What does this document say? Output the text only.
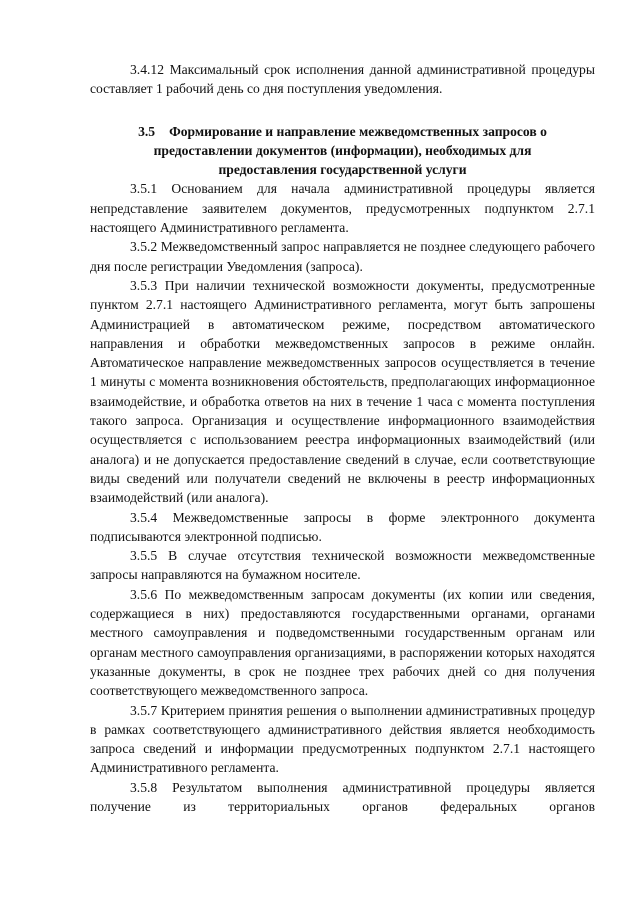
3.4.12 Максимальный срок исполнения данной административной процедуры составляет 1 рабочий день со дня поступления уведомления.

3.5 Формирование и направление межведомственных запросов о предоставлении документов (информации), необходимых для предоставления государственной услуги

3.5.1 Основанием для начала административной процедуры является непредставление заявителем документов, предусмотренных подпунктом 2.7.1 настоящего Административного регламента.

3.5.2 Межведомственный запрос направляется не позднее следующего рабочего дня после регистрации Уведомления (запроса).

3.5.3 При наличии технической возможности документы, предусмотренные пунктом 2.7.1 настоящего Административного регламента, могут быть запрошены Администрацией в автоматическом режиме, посредством автоматического направления и обработки межведомственных запросов в режиме онлайн. Автоматическое направление межведомственных запросов осуществляется в течение 1 минуты с момента возникновения обстоятельств, предполагающих информационное взаимодействие, и обработка ответов на них в течение 1 часа с момента поступления такого запроса. Организация и осуществление информационного взаимодействия осуществляется с использованием реестра информационных взаимодействий (или аналога) и не допускается предоставление сведений в случае, если соответствующие виды сведений или получатели сведений не включены в реестр информационных взаимодействий (или аналога).

3.5.4 Межведомственные запросы в форме электронного документа подписываются электронной подписью.

3.5.5 В случае отсутствия технической возможности межведомственные запросы направляются на бумажном носителе.

3.5.6 По межведомственным запросам документы (их копии или сведения, содержащиеся в них) предоставляются государственными органами, органами местного самоуправления и подведомственными государственным органам или органам местного самоуправления организациями, в распоряжении которых находятся указанные документы, в срок не позднее трех рабочих дней со дня получения соответствующего межведомственного запроса.

3.5.7 Критерием принятия решения о выполнении административных процедур в рамках соответствующего административного действия является необходимость запроса сведений и информации предусмотренных подпунктом 2.7.1 настоящего Административного регламента.

3.5.8 Результатом выполнения административной процедуры является получение из территориальных органов федеральных органов
